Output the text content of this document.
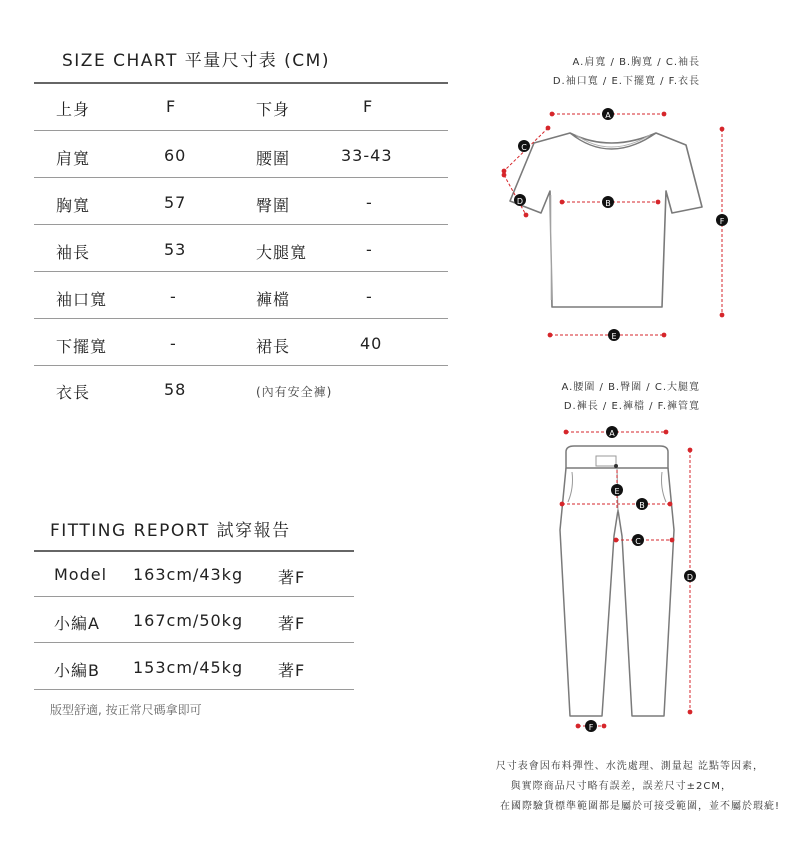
SIZE CHART 平量尺寸表 (CM)
上身	F	下身	F
肩寬	60	腰圍	33-43
胸寬	57	臀圍	-
袖長	53	大腿寬	-
袖口寬	-	褲檔	-
下擺寬	-	裙長	40
衣長	58	(內有安全褲)
FITTING REPORT 試穿報告
Model 163cm/43kg 著F
小編A 167cm/50kg 著F
小編B 153cm/45kg 著F
版型舒適, 按正常尺碼拿即可
A.肩寬 / B.胸寬 / C.袖長
D.袖口寬 / E.下擺寬 / F.衣長
A
C
D	B
E
F
A.腰圍 / B.臀圍 / C.大腿寬
D.褲長 / E.褲檔 / F.褲管寬
A
E
B
C
D
F
尺寸表會因布料彈性、水洗處理、測量起 訖點等因素，
與實際商品尺寸略有誤差，誤差尺寸±2CM，
在國際驗貨標準範圍都是屬於可接受範圍，並不屬於瑕疵!
